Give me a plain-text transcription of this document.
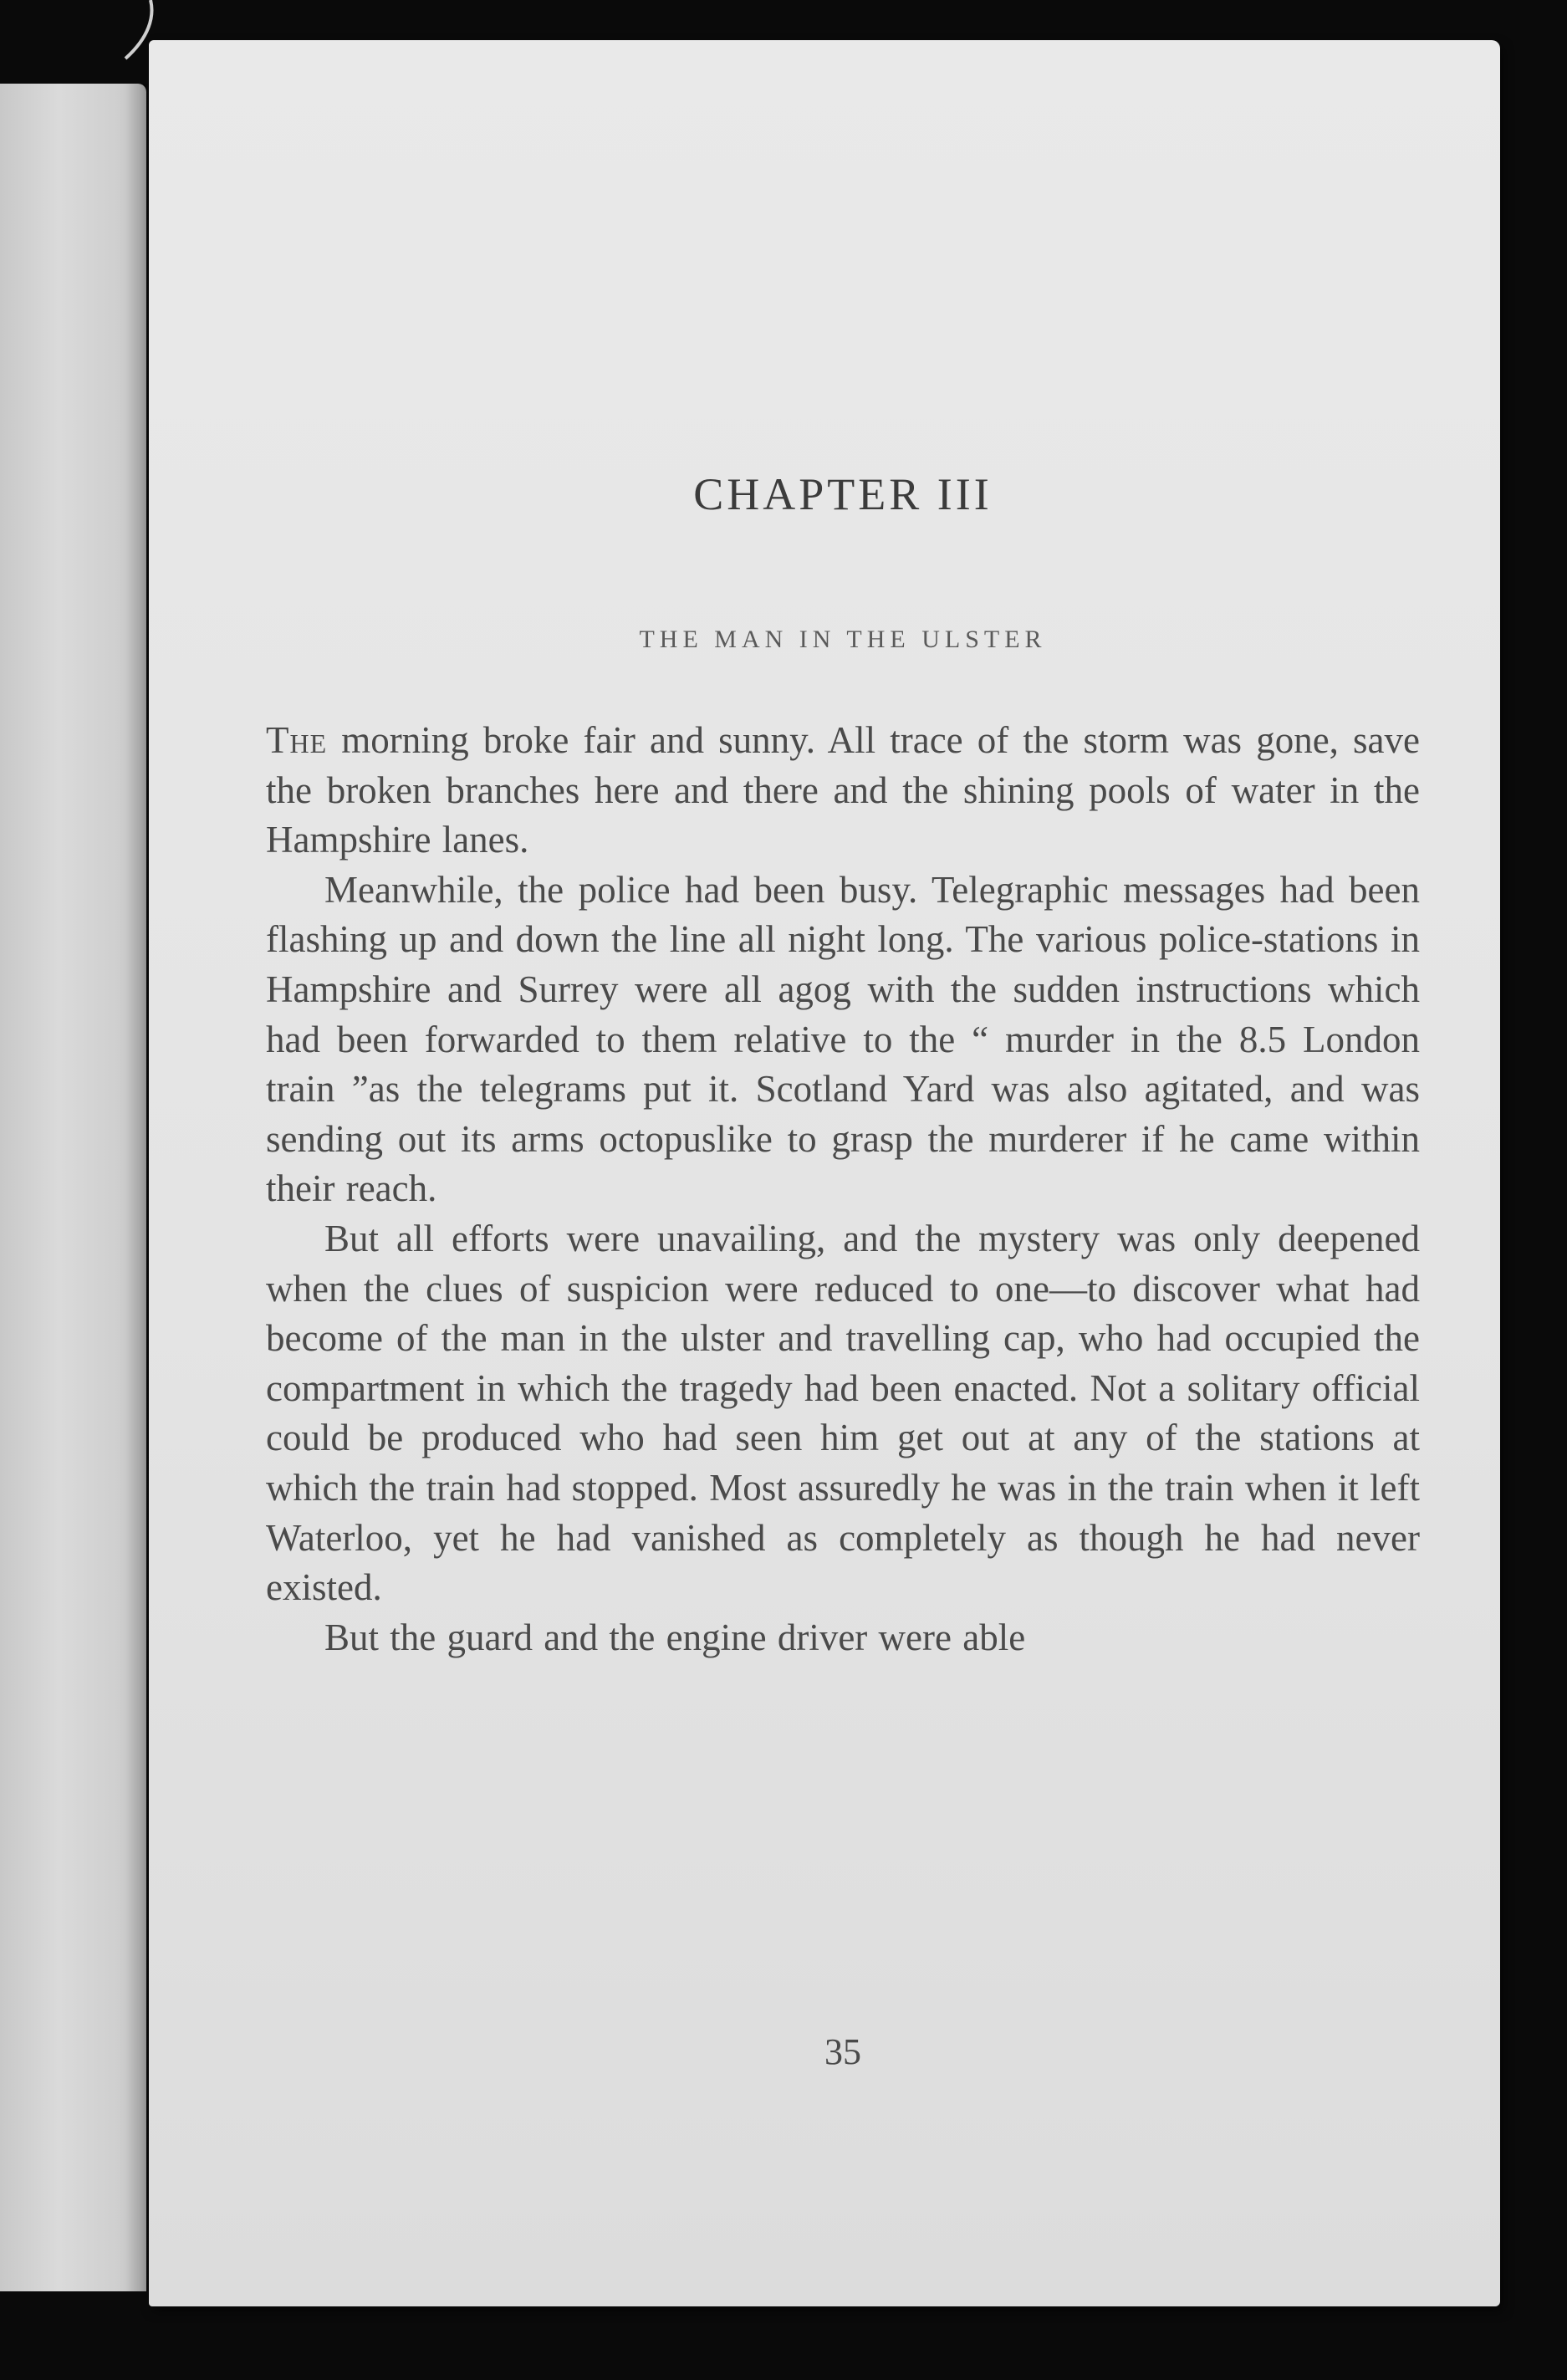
CHAPTER III
THE MAN IN THE ULSTER

The morning broke fair and sunny. All trace of the storm was gone, save the broken branches here and there and the shining pools of water in the Hampshire lanes.

Meanwhile, the police had been busy. Telegraphic messages had been flashing up and down the line all night long. The various police-stations in Hampshire and Surrey were all agog with the sudden instructions which had been forwarded to them relative to the “ murder in the 8.5 London train ”as the telegrams put it. Scotland Yard was also agitated, and was sending out its arms octopuslike to grasp the murderer if he came within their reach.

But all efforts were unavailing, and the mystery was only deepened when the clues of suspicion were reduced to one—to discover what had become of the man in the ulster and travelling cap, who had occupied the compartment in which the tragedy had been enacted. Not a solitary official could be produced who had seen him get out at any of the stations at which the train had stopped. Most assuredly he was in the train when it left Waterloo, yet he had vanished as completely as though he had never existed.

But the guard and the engine driver were able

35
